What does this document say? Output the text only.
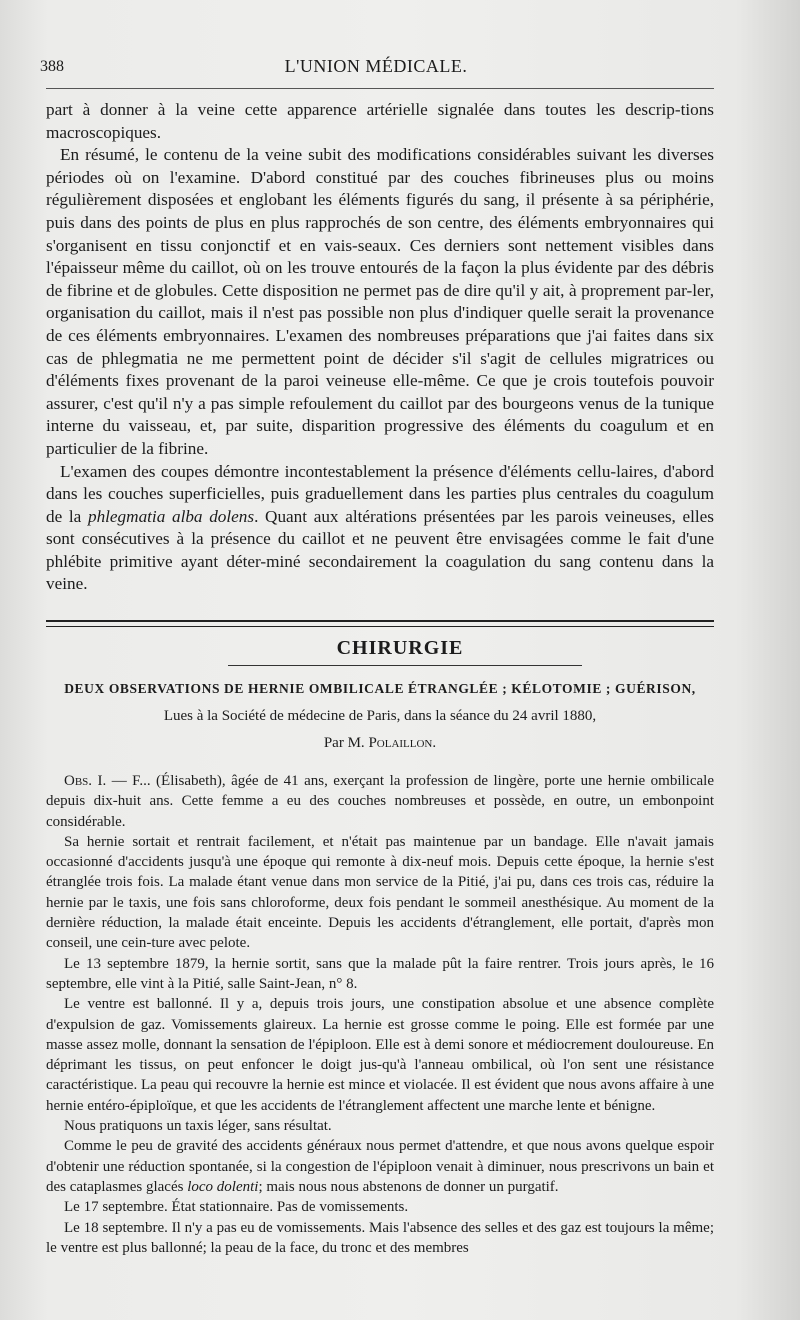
388	L'UNION MÉDICALE.

part à donner à la veine cette apparence artérielle signalée dans toutes les descrip-tions macroscopiques.

En résumé, le contenu de la veine subit des modifications considérables suivant les diverses périodes où on l'examine. D'abord constitué par des couches fibrineuses plus ou moins régulièrement disposées et englobant les éléments figurés du sang, il présente à sa périphérie, puis dans des points de plus en plus rapprochés de son centre, des éléments embryonnaires qui s'organisent en tissu conjonctif et en vais-seaux. Ces derniers sont nettement visibles dans l'épaisseur même du caillot, où on les trouve entourés de la façon la plus évidente par des débris de fibrine et de globules. Cette disposition ne permet pas de dire qu'il y ait, à proprement par-ler, organisation du caillot, mais il n'est pas possible non plus d'indiquer quelle serait la provenance de ces éléments embryonnaires. L'examen des nombreuses préparations que j'ai faites dans six cas de phlegmatia ne me permettent point de décider s'il s'agit de cellules migratrices ou d'éléments fixes provenant de la paroi veineuse elle-même. Ce que je crois toutefois pouvoir assurer, c'est qu'il n'y a pas simple refoulement du caillot par des bourgeons venus de la tunique interne du vaisseau, et, par suite, disparition progressive des éléments du coagulum et en particulier de la fibrine.

L'examen des coupes démontre incontestablement la présence d'éléments cellu-laires, d'abord dans les couches superficielles, puis graduellement dans les parties plus centrales du coagulum de la phlegmatia alba dolens. Quant aux altérations présentées par les parois veineuses, elles sont consécutives à la présence du caillot et ne peuvent être envisagées comme le fait d'une phlébite primitive ayant déter-miné secondairement la coagulation du sang contenu dans la veine.

CHIRURGIE
DEUX OBSERVATIONS DE HERNIE OMBILICALE ÉTRANGLÉE ; KÉLOTOMIE ; GUÉRISON,
Lues à la Société de médecine de Paris, dans la séance du 24 avril 1880,
Par M. Polaillon.

Obs. I. — F... (Élisabeth), âgée de 41 ans, exerçant la profession de lingère, porte une hernie ombilicale depuis dix-huit ans. Cette femme a eu des couches nombreuses et possède, en outre, un embonpoint considérable.

Sa hernie sortait et rentrait facilement, et n'était pas maintenue par un bandage. Elle n'avait jamais occasionné d'accidents jusqu'à une époque qui remonte à dix-neuf mois. Depuis cette époque, la hernie s'est étranglée trois fois. La malade étant venue dans mon service de la Pitié, j'ai pu, dans ces trois cas, réduire la hernie par le taxis, une fois sans chloroforme, deux fois pendant le sommeil anesthésique. Au moment de la dernière réduction, la malade était enceinte. Depuis les accidents d'étranglement, elle portait, d'après mon conseil, une cein-ture avec pelote.

Le 13 septembre 1879, la hernie sortit, sans que la malade pût la faire rentrer. Trois jours après, le 16 septembre, elle vint à la Pitié, salle Saint-Jean, n° 8.

Le ventre est ballonné. Il y a, depuis trois jours, une constipation absolue et une absence complète d'expulsion de gaz. Vomissements glaireux. La hernie est grosse comme le poing. Elle est formée par une masse assez molle, donnant la sensation de l'épiploon. Elle est à demi sonore et médiocrement douloureuse. En déprimant les tissus, on peut enfoncer le doigt jus-qu'à l'anneau ombilical, où l'on sent une résistance caractéristique. La peau qui recouvre la hernie est mince et violacée. Il est évident que nous avons affaire à une hernie entéro-épiploïque, et que les accidents de l'étranglement affectent une marche lente et bénigne.

Nous pratiquons un taxis léger, sans résultat.

Comme le peu de gravité des accidents généraux nous permet d'attendre, et que nous avons quelque espoir d'obtenir une réduction spontanée, si la congestion de l'épiploon venait à diminuer, nous prescrivons un bain et des cataplasmes glacés loco dolenti; mais nous nous abstenons de donner un purgatif.

Le 17 septembre. État stationnaire. Pas de vomissements.

Le 18 septembre. Il n'y a pas eu de vomissements. Mais l'absence des selles et des gaz est toujours la même; le ventre est plus ballonné; la peau de la face, du tronc et des membres
